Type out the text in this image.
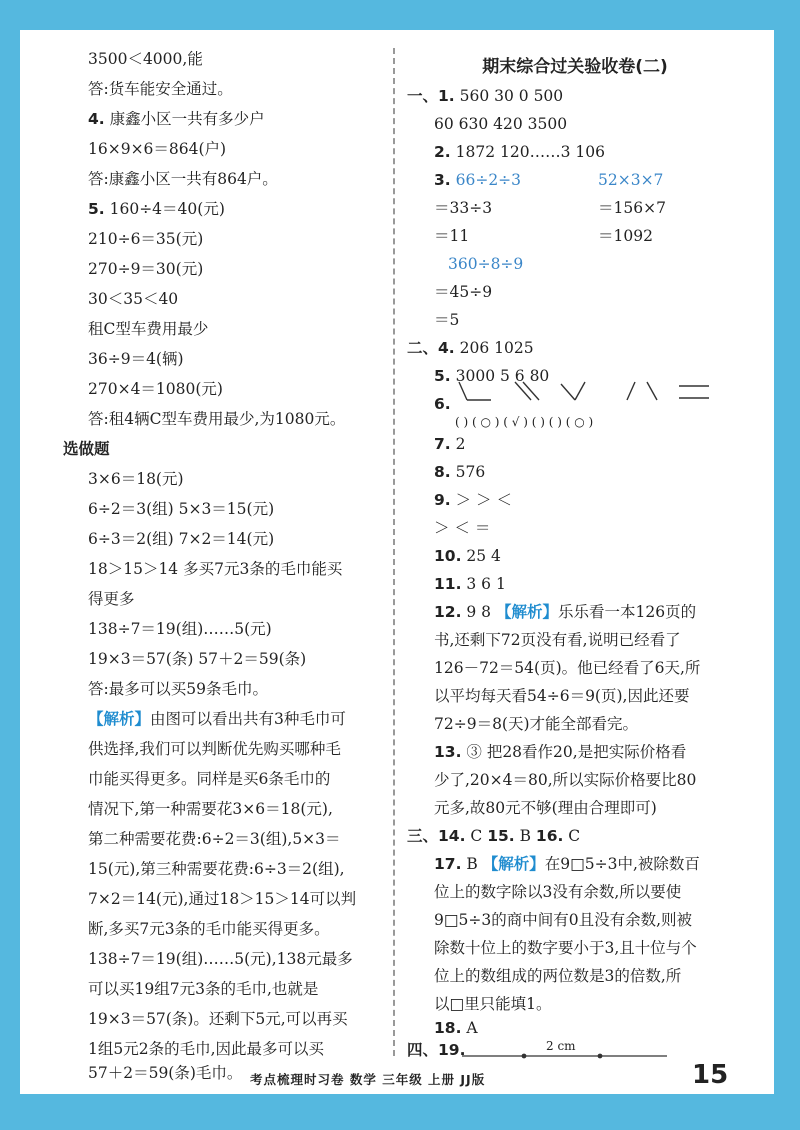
3500＜4000,能
答:货车能安全通过。
4. 康鑫小区一共有多少户
16×9×6＝864(户)
答:康鑫小区一共有864户。
5. 160÷4＝40(元)
210÷6＝35(元)
270÷9＝30(元)
30＜35＜40
租C型车费用最少
36÷9＝4(辆)
270×4＝1080(元)
答:租4辆C型车费用最少,为1080元。
选做题
3×6＝18(元)
6÷2＝3(组) 5×3＝15(元)
6÷3＝2(组) 7×2＝14(元)
18＞15＞14 多买7元3条的毛巾能买
得更多
138÷7＝19(组)……5(元)
19×3＝57(条) 57＋2＝59(条)
答:最多可以买59条毛巾。
【解析】由图可以看出共有3种毛巾可
供选择,我们可以判断优先购买哪种毛
巾能买得更多。同样是买6条毛巾的
情况下,第一种需要花3×6＝18(元),
第二种需要花费:6÷2＝3(组),5×3＝
15(元),第三种需要花费:6÷3＝2(组),
7×2＝14(元),通过18＞15＞14可以判
断,多买7元3条的毛巾能买得更多。
138÷7＝19(组)……5(元),138元最多
可以买19组7元3条的毛巾,也就是
19×3＝57(条)。还剩下5元,可以再买
1组5元2条的毛巾,因此最多可以买
57＋2＝59(条)毛巾。
期末综合过关验收卷(二)
一、1. 560 30 0 500
60 630 420 3500
2. 1872 120……3 106
3. 66÷2÷3	52×3×7
＝33÷3	＝156×7
＝11	＝1092
360÷8÷9
＝45÷9
＝5
二、4. 206 1025
5. 3000 5 6 80
6.
( ) ( ○ ) ( √ ) ( ) ( ) ( ○ )
7. 2
8. 576
9. ＞ ＞ ＜
＞ ＜ ＝
10. 25 4
11. 3 6 1
12. 9 8 【解析】乐乐看一本126页的
书,还剩下72页没有看,说明已经看了
126－72＝54(页)。他已经看了6天,所
以平均每天看54÷6＝9(页),因此还要
72÷9＝8(天)才能全部看完。
13. ③ 把28看作20,是把实际价格看
少了,20×4＝80,所以实际价格要比80
元多,故80元不够(理由合理即可)
三、14. C 15. B 16. C
17. B 【解析】在9□5÷3中,被除数百
位上的数字除以3没有余数,所以要使
9□5÷3的商中间有0且没有余数,则被
除数十位上的数字要小于3,且十位与个
位上的数组成的两位数是3的倍数,所
以□里只能填1。
18. A
四、19.	2 cm
考点梳理时习卷 数学 三年级 上册 JJ版	15
